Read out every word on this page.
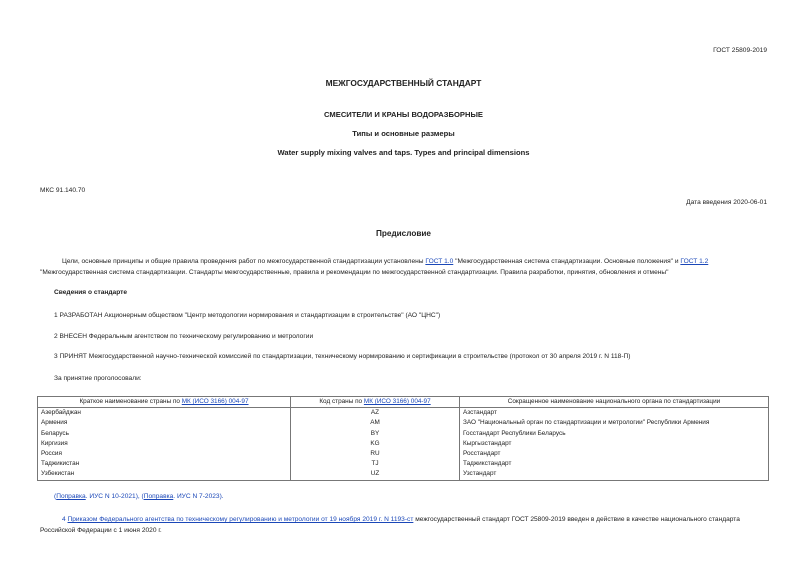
ГОСТ 25809-2019
МЕЖГОСУДАРСТВЕННЫЙ СТАНДАРТ
СМЕСИТЕЛИ И КРАНЫ ВОДОРАЗБОРНЫЕ
Типы и основные размеры
Water supply mixing valves and taps. Types and principal dimensions
МКС 91.140.70
Дата введения 2020-06-01
Предисловие
Цели, основные принципы и общие правила проведения работ по межгосударственной стандартизации установлены ГОСТ 1.0 "Межгосударственная система стандартизации. Основные положения" и ГОСТ 1.2 "Межгосударственная система стандартизации. Стандарты межгосударственные, правила и рекомендации по межгосударственной стандартизации. Правила разработки, принятия, обновления и отмены"
Сведения о стандарте
1 РАЗРАБОТАН Акционерным обществом "Центр методологии нормирования и стандартизации в строительстве" (АО "ЦНС")
2 ВНЕСЕН Федеральным агентством по техническому регулированию и метрологии
3 ПРИНЯТ Межгосударственной научно-технической комиссией по стандартизации, техническому нормированию и сертификации в строительстве (протокол от 30 апреля 2019 г. N 118-П)
За принятие проголосовали:
Краткое наименование страны по МК (ИСО 3166) 004-97	Код страны по МК (ИСО 3166) 004-97	Сокращенное наименование национального органа по стандартизации
Азербайджан	AZ	Азстандарт
Армения	AM	ЗАО "Национальный орган по стандартизации и метрологии" Республики Армения
Беларусь	BY	Госстандарт Республики Беларусь
Киргизия	KG	Кыргызстандарт
Россия	RU	Росстандарт
Таджикистан	TJ	Таджикстандарт
Узбекистан	UZ	Узстандарт
(Поправка. ИУС N 10-2021), (Поправка. ИУС N 7-2023).
4 Приказом Федерального агентства по техническому регулированию и метрологии от 19 ноября 2019 г. N 1193-ст межгосударственный стандарт ГОСТ 25809-2019 введен в действие в качестве национального стандарта Российской Федерации с 1 июня 2020 г.
